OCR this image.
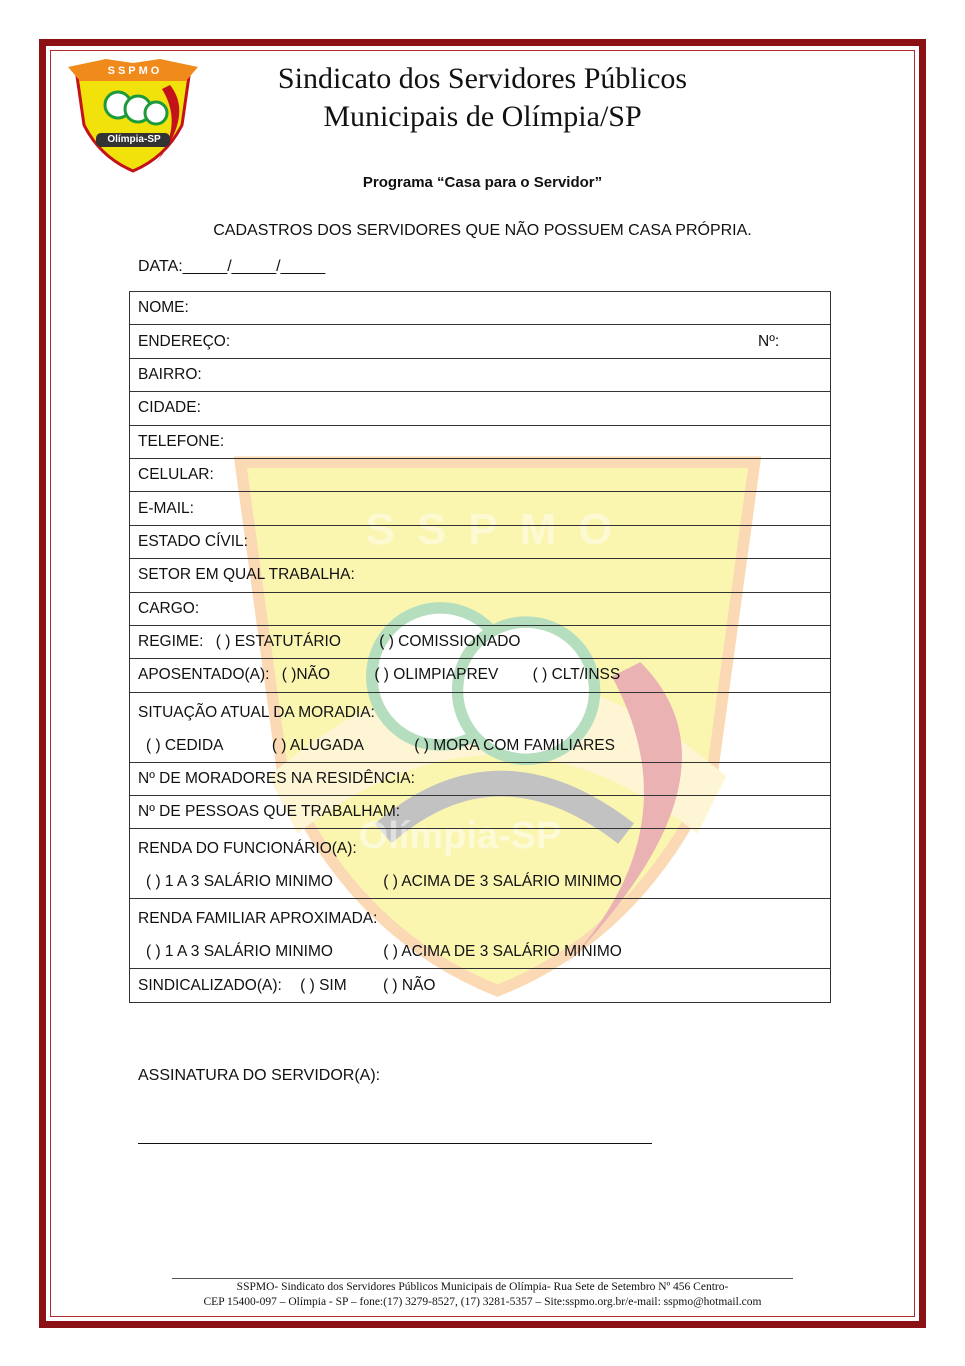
SSPMO
Olímpia-SP
SSPMO
Olímpia-SP
Sindicato dos Servidores Públicos
Municipais de Olímpia/SP
Programa “Casa para o Servidor”
CADASTROS DOS SERVIDORES QUE NÃO POSSUEM CASA PRÓPRIA.
DATA:_____/_____/_____
NOME:
ENDEREÇO:	Nº:

BAIRRO:
CIDADE:
TELEFONE:
CELULAR:
E-MAIL:
ESTADO CÍVIL:
SETOR EM QUAL TRABALHA:
CARGO:
REGIME: ( ) ESTATUTÁRIO ( ) COMISSIONADO
APOSENTADO(A): ( )NÃO	( ) OLIMPIAPREV ( ) CLT/INSS

SITUAÇÃO ATUAL DA MORADIA:
( ) CEDIDA	( ) ALUGADA	( ) MORA COM FAMILIARES

Nº DE MORADORES NA RESIDÊNCIA:
Nº DE PESSOAS QUE TRABALHAM:

RENDA DO FUNCIONÁRIO(A):
( ) 1 A 3 SALÁRIO MINIMO	( ) ACIMA DE 3 SALÁRIO MINIMO

RENDA FAMILIAR APROXIMADA:
( ) 1 A 3 SALÁRIO MINIMO	( ) ACIMA DE 3 SALÁRIO MINIMO

SINDICALIZADO(A): ( ) SIM ( ) NÃO
ASSINATURA DO SERVIDOR(A):
SSPMO- Sindicato dos Servidores Públicos Municipais de Olímpia- Rua Sete de Setembro Nº 456 Centro-
CEP 15400-097 – Olímpia - SP – fone:(17) 3279-8527, (17) 3281-5357 – Site:sspmo.org.br/e-mail: sspmo@hotmail.com
